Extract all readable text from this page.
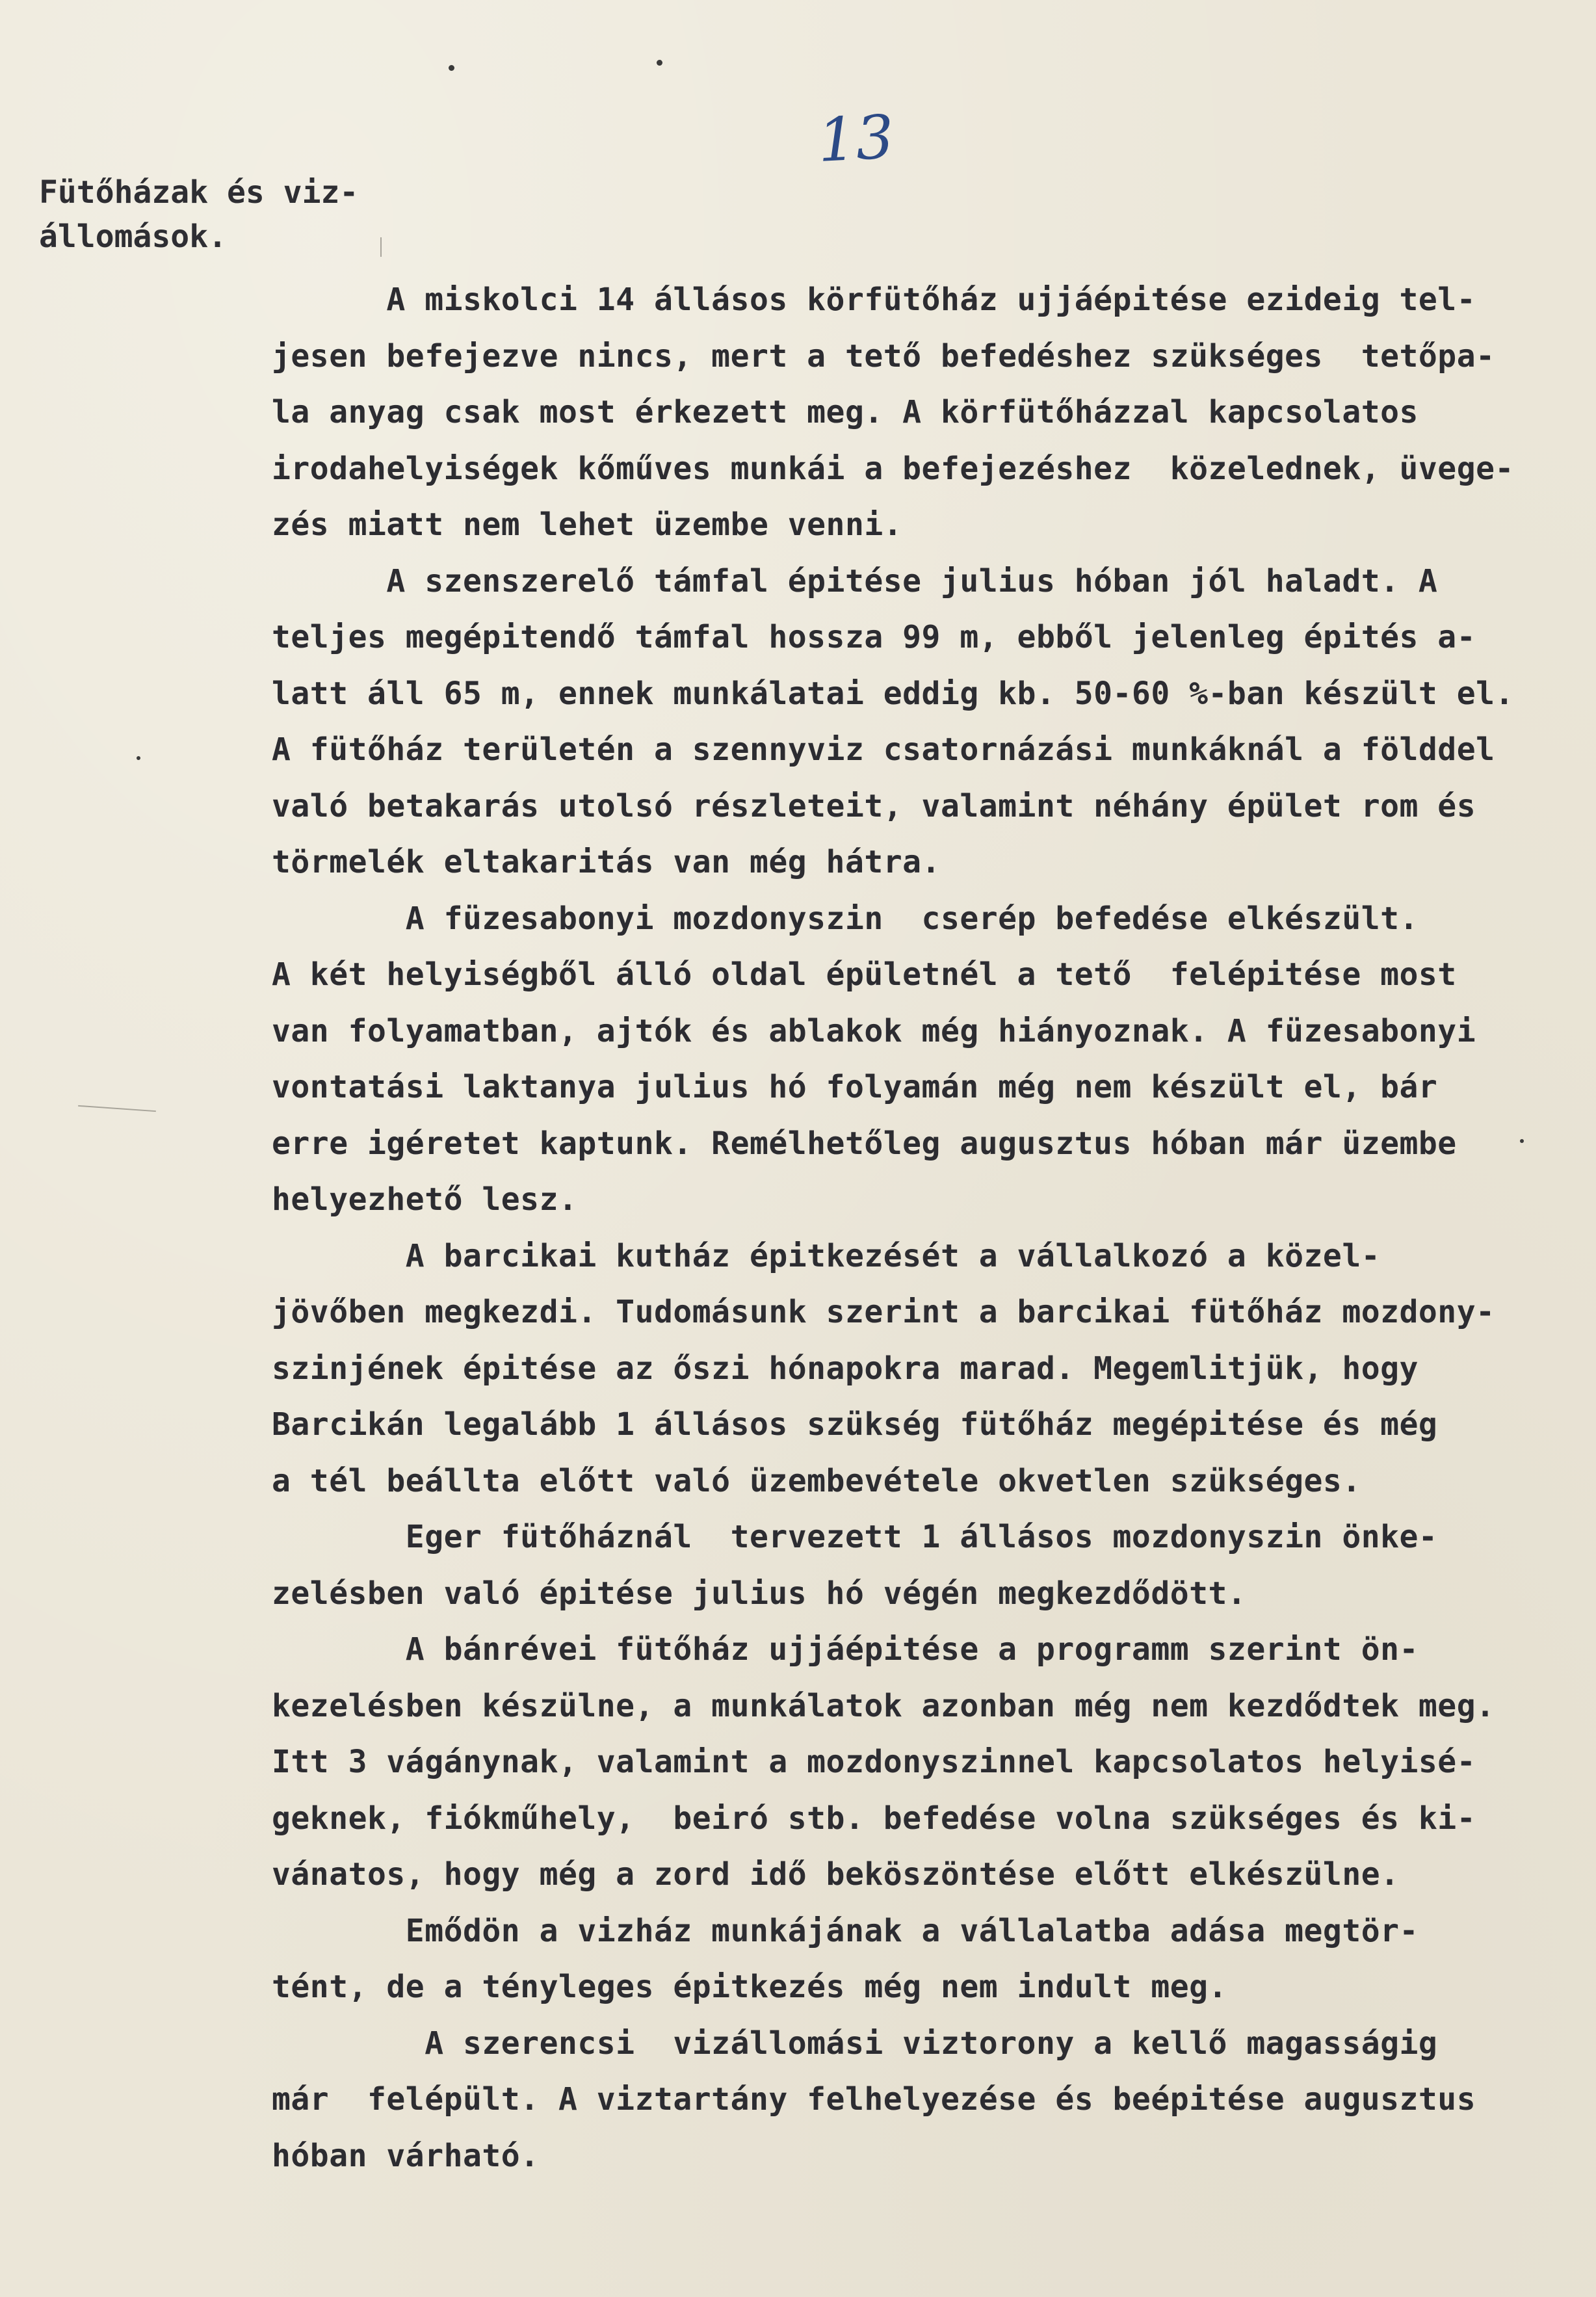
13
Fütőházak és viz-
állomások.
A miskolci 14 állásos körfütőház ujjáépitése ezideig tel-
jesen befejezve nincs, mert a tető befedéshez szükséges  tetőpa-
la anyag csak most érkezett meg. A körfütőházzal kapcsolatos
irodahelyiségek kőműves munkái a befejezéshez  közelednek, üvege-
zés miatt nem lehet üzembe venni.
A szenszerelő támfal épitése julius hóban jól haladt. A
teljes megépitendő támfal hossza 99 m, ebből jelenleg épités a-
latt áll 65 m, ennek munkálatai eddig kb. 50-60 %-ban készült el.
A fütőház területén a szennyviz csatornázási munkáknál a földdel
való betakarás utolsó részleteit, valamint néhány épület rom és
törmelék eltakaritás van még hátra.
A füzesabonyi mozdonyszin  cserép befedése elkészült.
A két helyiségből álló oldal épületnél a tető  felépitése most
van folyamatban, ajtók és ablakok még hiányoznak. A füzesabonyi
vontatási laktanya julius hó folyamán még nem készült el, bár
erre igéretet kaptunk. Remélhetőleg augusztus hóban már üzembe
helyezhető lesz.
A barcikai kutház épitkezését a vállalkozó a közel-
jövőben megkezdi. Tudomásunk szerint a barcikai fütőház mozdony-
szinjének épitése az őszi hónapokra marad. Megemlitjük, hogy
Barcikán legalább 1 állásos szükség fütőház megépitése és még
a tél beállta előtt való üzembevétele okvetlen szükséges.
Eger fütőháznál  tervezett 1 állásos mozdonyszin önke-
zelésben való épitése julius hó végén megkezdődött.
A bánrévei fütőház ujjáépitése a programm szerint ön-
kezelésben készülne, a munkálatok azonban még nem kezdődtek meg.
Itt 3 vágánynak, valamint a mozdonyszinnel kapcsolatos helyisé-
geknek, fiókműhely,  beiró stb. befedése volna szükséges és ki-
vánatos, hogy még a zord idő beköszöntése előtt elkészülne.
Emődön a vizház munkájának a vállalatba adása megtör-
tént, de a tényleges épitkezés még nem indult meg.
A szerencsi  vizállomási viztorony a kellő magasságig
már  felépült. A viztartány felhelyezése és beépitése augusztus
hóban várható.
